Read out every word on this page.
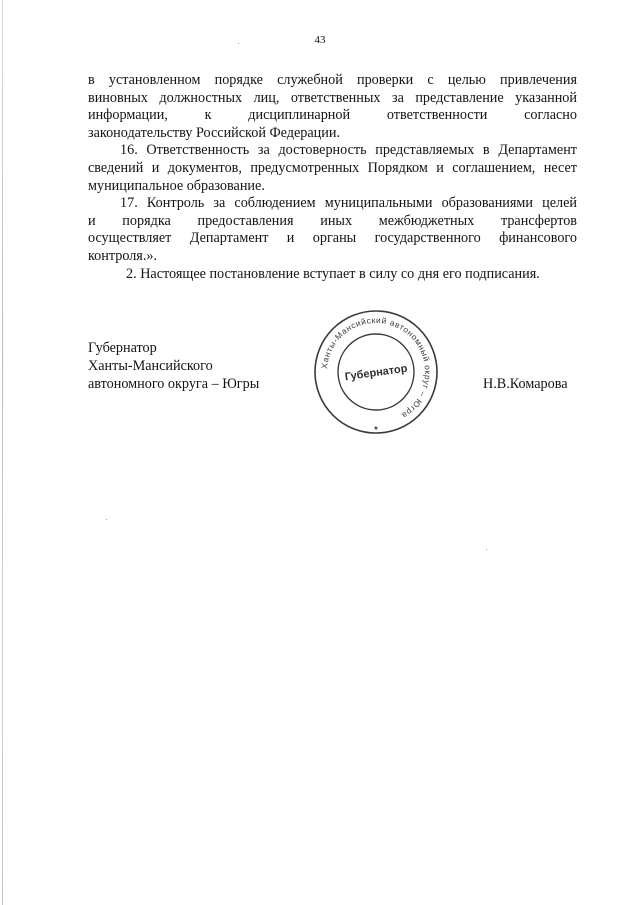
43

в установленном порядке служебной проверки с целью привлечения
виновных должностных лиц, ответственных за представление указанной
информации, к дисциплинарной ответственности согласно
законодательству Российской Федерации.

16. Ответственность за достоверность представляемых в Департамент
сведений и документов, предусмотренных Порядком и соглашением, несет
муниципальное образование.

17. Контроль за соблюдением муниципальными образованиями целей
и порядка предоставления иных межбюджетных трансфертов
осуществляет Департамент и органы государственного финансового
контроля.».

2. Настоящее постановление вступает в силу со дня его подписания.

Губернатор
Ханты-Мансийского
автономного округа – Югры
Ханты-Мансийский автономный округ – Югра
Губернатор
★
Н.В.Комарова
